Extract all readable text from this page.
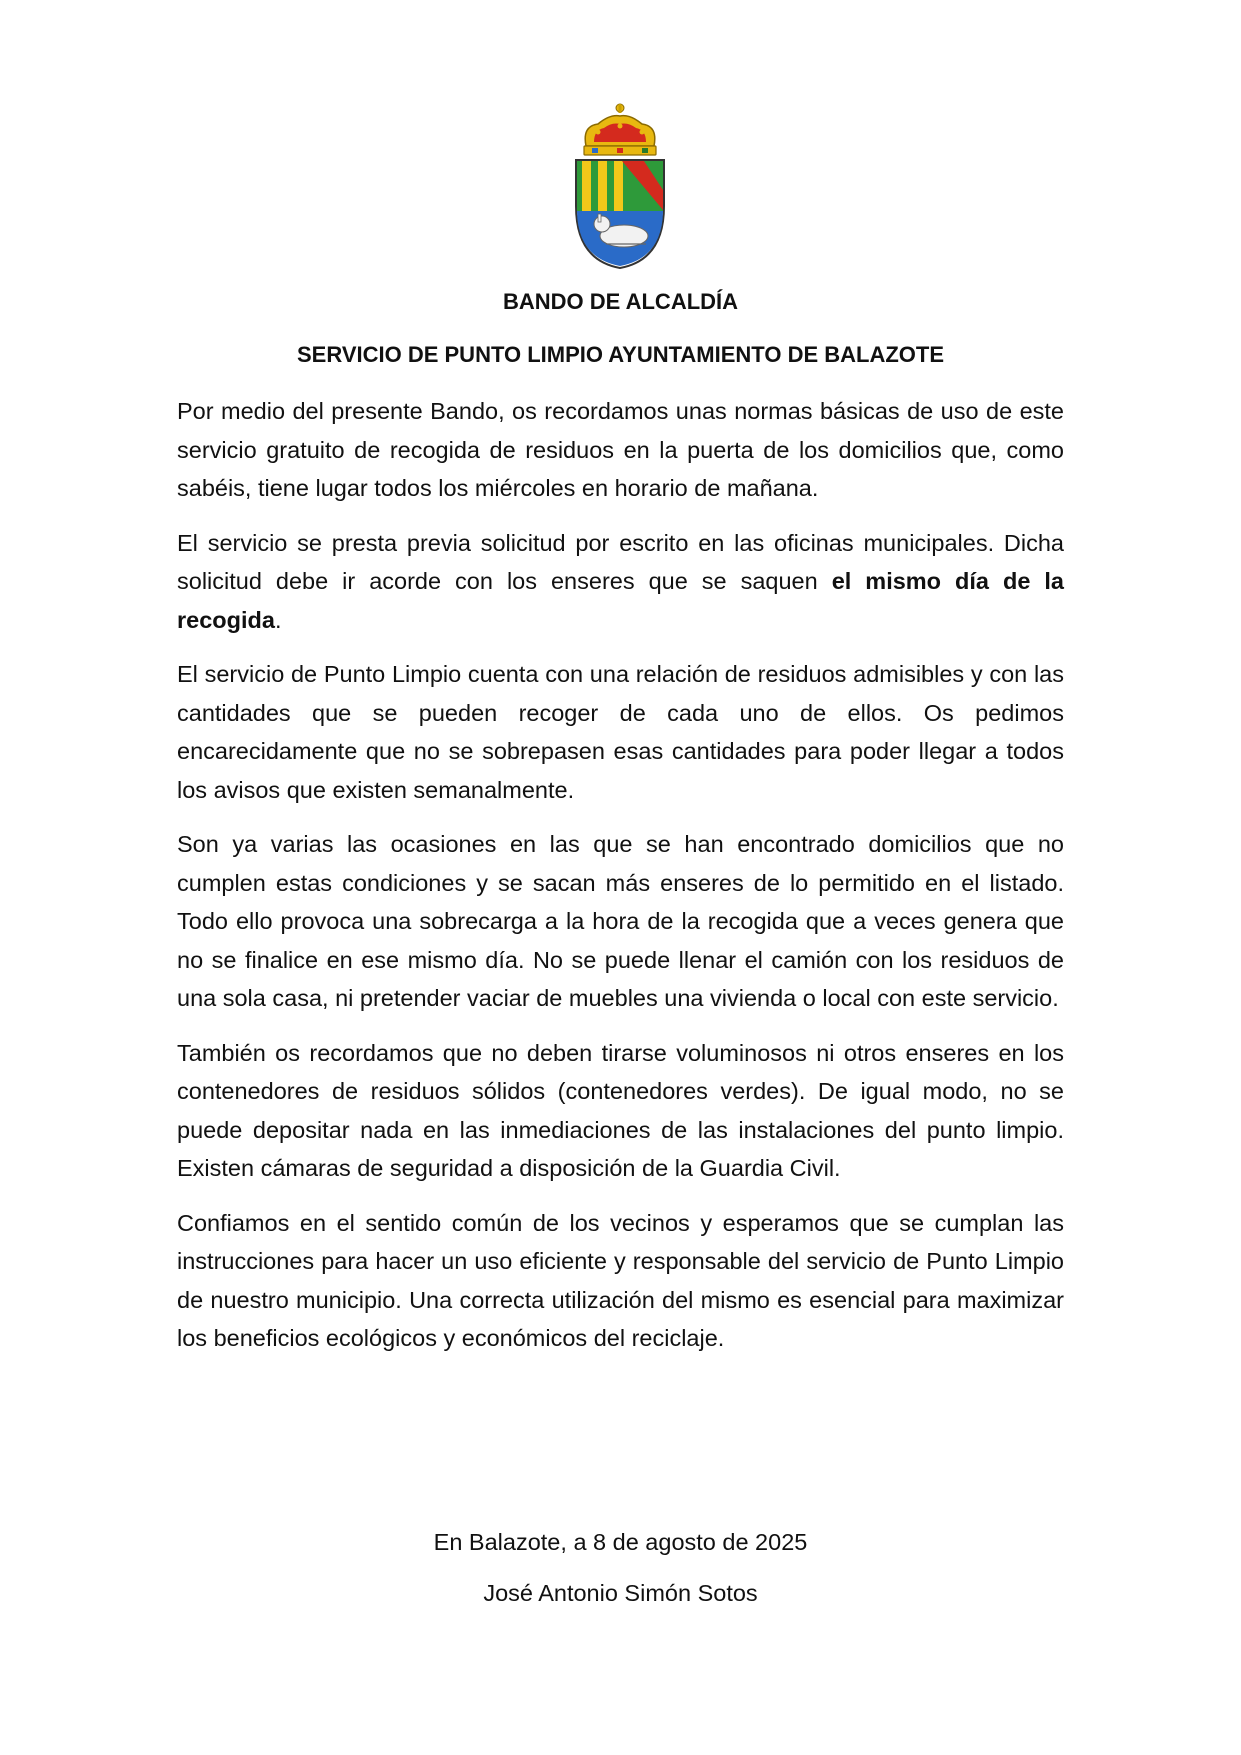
BANDO DE ALCALDÍA
SERVICIO DE PUNTO LIMPIO AYUNTAMIENTO DE BALAZOTE

Por medio del presente Bando, os recordamos unas normas básicas de uso de este servicio gratuito de recogida de residuos en la puerta de los domicilios que, como sabéis, tiene lugar todos los miércoles en horario de mañana.

El servicio se presta previa solicitud por escrito en las oficinas municipales. Dicha solicitud debe ir acorde con los enseres que se saquen el mismo día de la recogida.

El servicio de Punto Limpio cuenta con una relación de residuos admisibles y con las cantidades que se pueden recoger de cada uno de ellos. Os pedimos encarecidamente que no se sobrepasen esas cantidades para poder llegar a todos los avisos que existen semanalmente.

Son ya varias las ocasiones en las que se han encontrado domicilios que no cumplen estas condiciones y se sacan más enseres de lo permitido en el listado. Todo ello provoca una sobrecarga a la hora de la recogida que a veces genera que no se finalice en ese mismo día. No se puede llenar el camión con los residuos de una sola casa, ni pretender vaciar de muebles una vivienda o local con este servicio.

También os recordamos que no deben tirarse voluminosos ni otros enseres en los contenedores de residuos sólidos (contenedores verdes). De igual modo, no se puede depositar nada en las inmediaciones de las instalaciones del punto limpio. Existen cámaras de seguridad a disposición de la Guardia Civil.

Confiamos en el sentido común de los vecinos y esperamos que se cumplan las instrucciones para hacer un uso eficiente y responsable del servicio de Punto Limpio de nuestro municipio. Una correcta utilización del mismo es esencial para maximizar los beneficios ecológicos y económicos del reciclaje.

En Balazote, a 8 de agosto de 2025

José Antonio Simón Sotos
